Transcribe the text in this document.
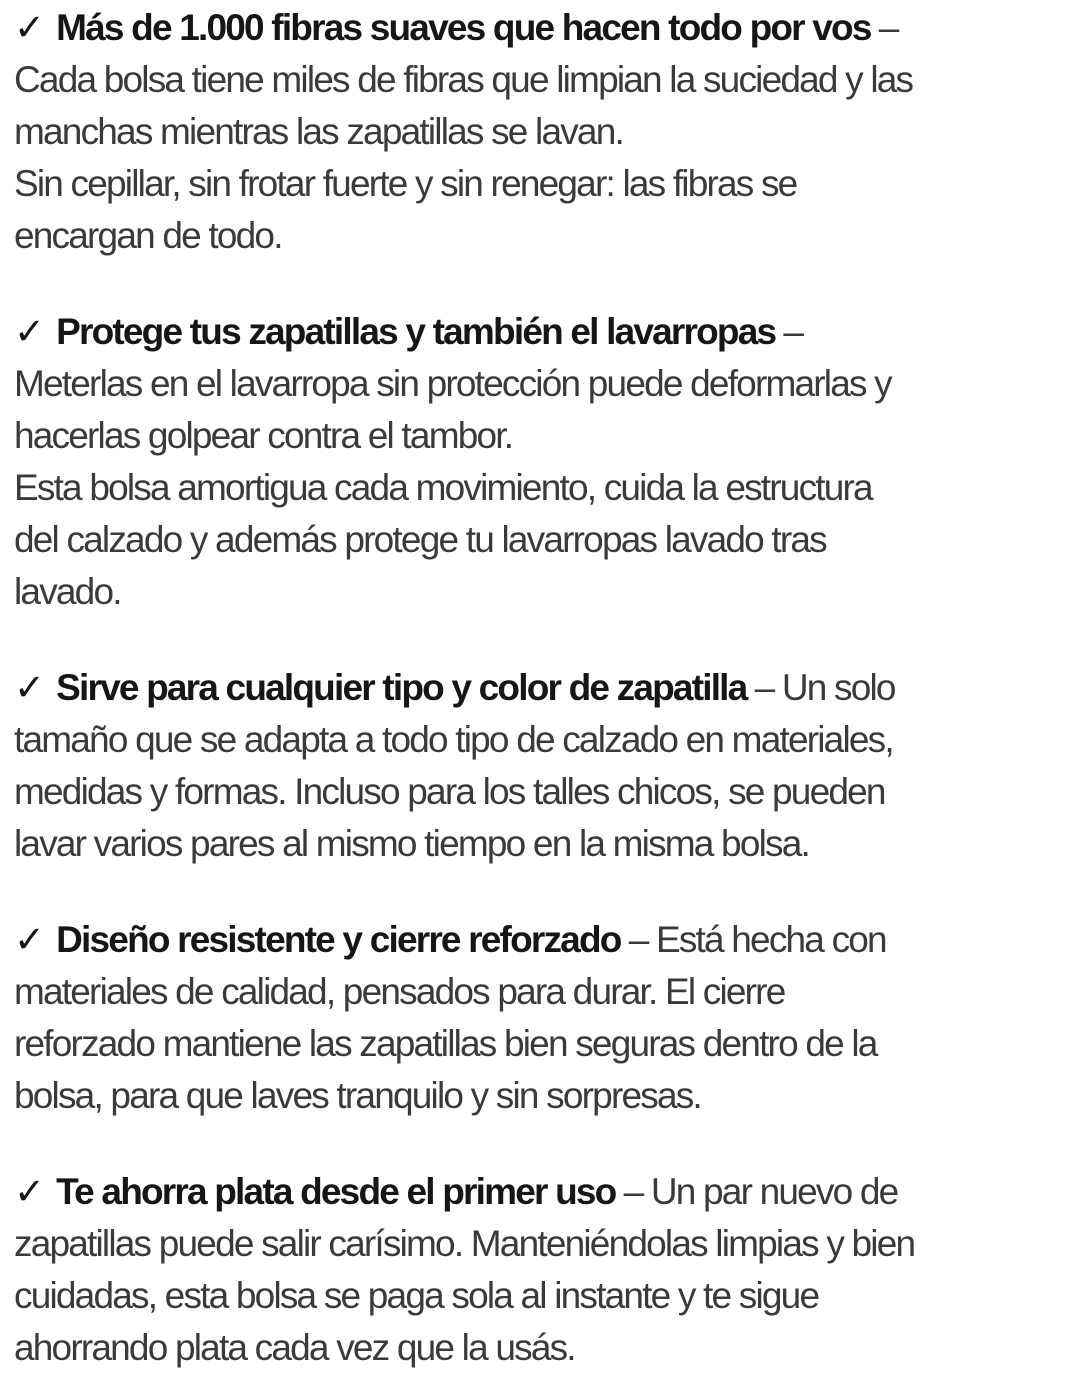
✓ Más de 1.000 fibras suaves que hacen todo por vos –
Cada bolsa tiene miles de fibras que limpian la suciedad y las
manchas mientras las zapatillas se lavan.
Sin cepillar, sin frotar fuerte y sin renegar: las fibras se
encargan de todo.

✓ Protege tus zapatillas y también el lavarropas –
Meterlas en el lavarropa sin protección puede deformarlas y
hacerlas golpear contra el tambor.
Esta bolsa amortigua cada movimiento, cuida la estructura
del calzado y además protege tu lavarropas lavado tras
lavado.

✓ Sirve para cualquier tipo y color de zapatilla – Un solo
tamaño que se adapta a todo tipo de calzado en materiales,
medidas y formas. Incluso para los talles chicos, se pueden
lavar varios pares al mismo tiempo en la misma bolsa.

✓ Diseño resistente y cierre reforzado – Está hecha con
materiales de calidad, pensados para durar. El cierre
reforzado mantiene las zapatillas bien seguras dentro de la
bolsa, para que laves tranquilo y sin sorpresas.

✓ Te ahorra plata desde el primer uso – Un par nuevo de
zapatillas puede salir carísimo. Manteniéndolas limpias y bien
cuidadas, esta bolsa se paga sola al instante y te sigue
ahorrando plata cada vez que la usás.
